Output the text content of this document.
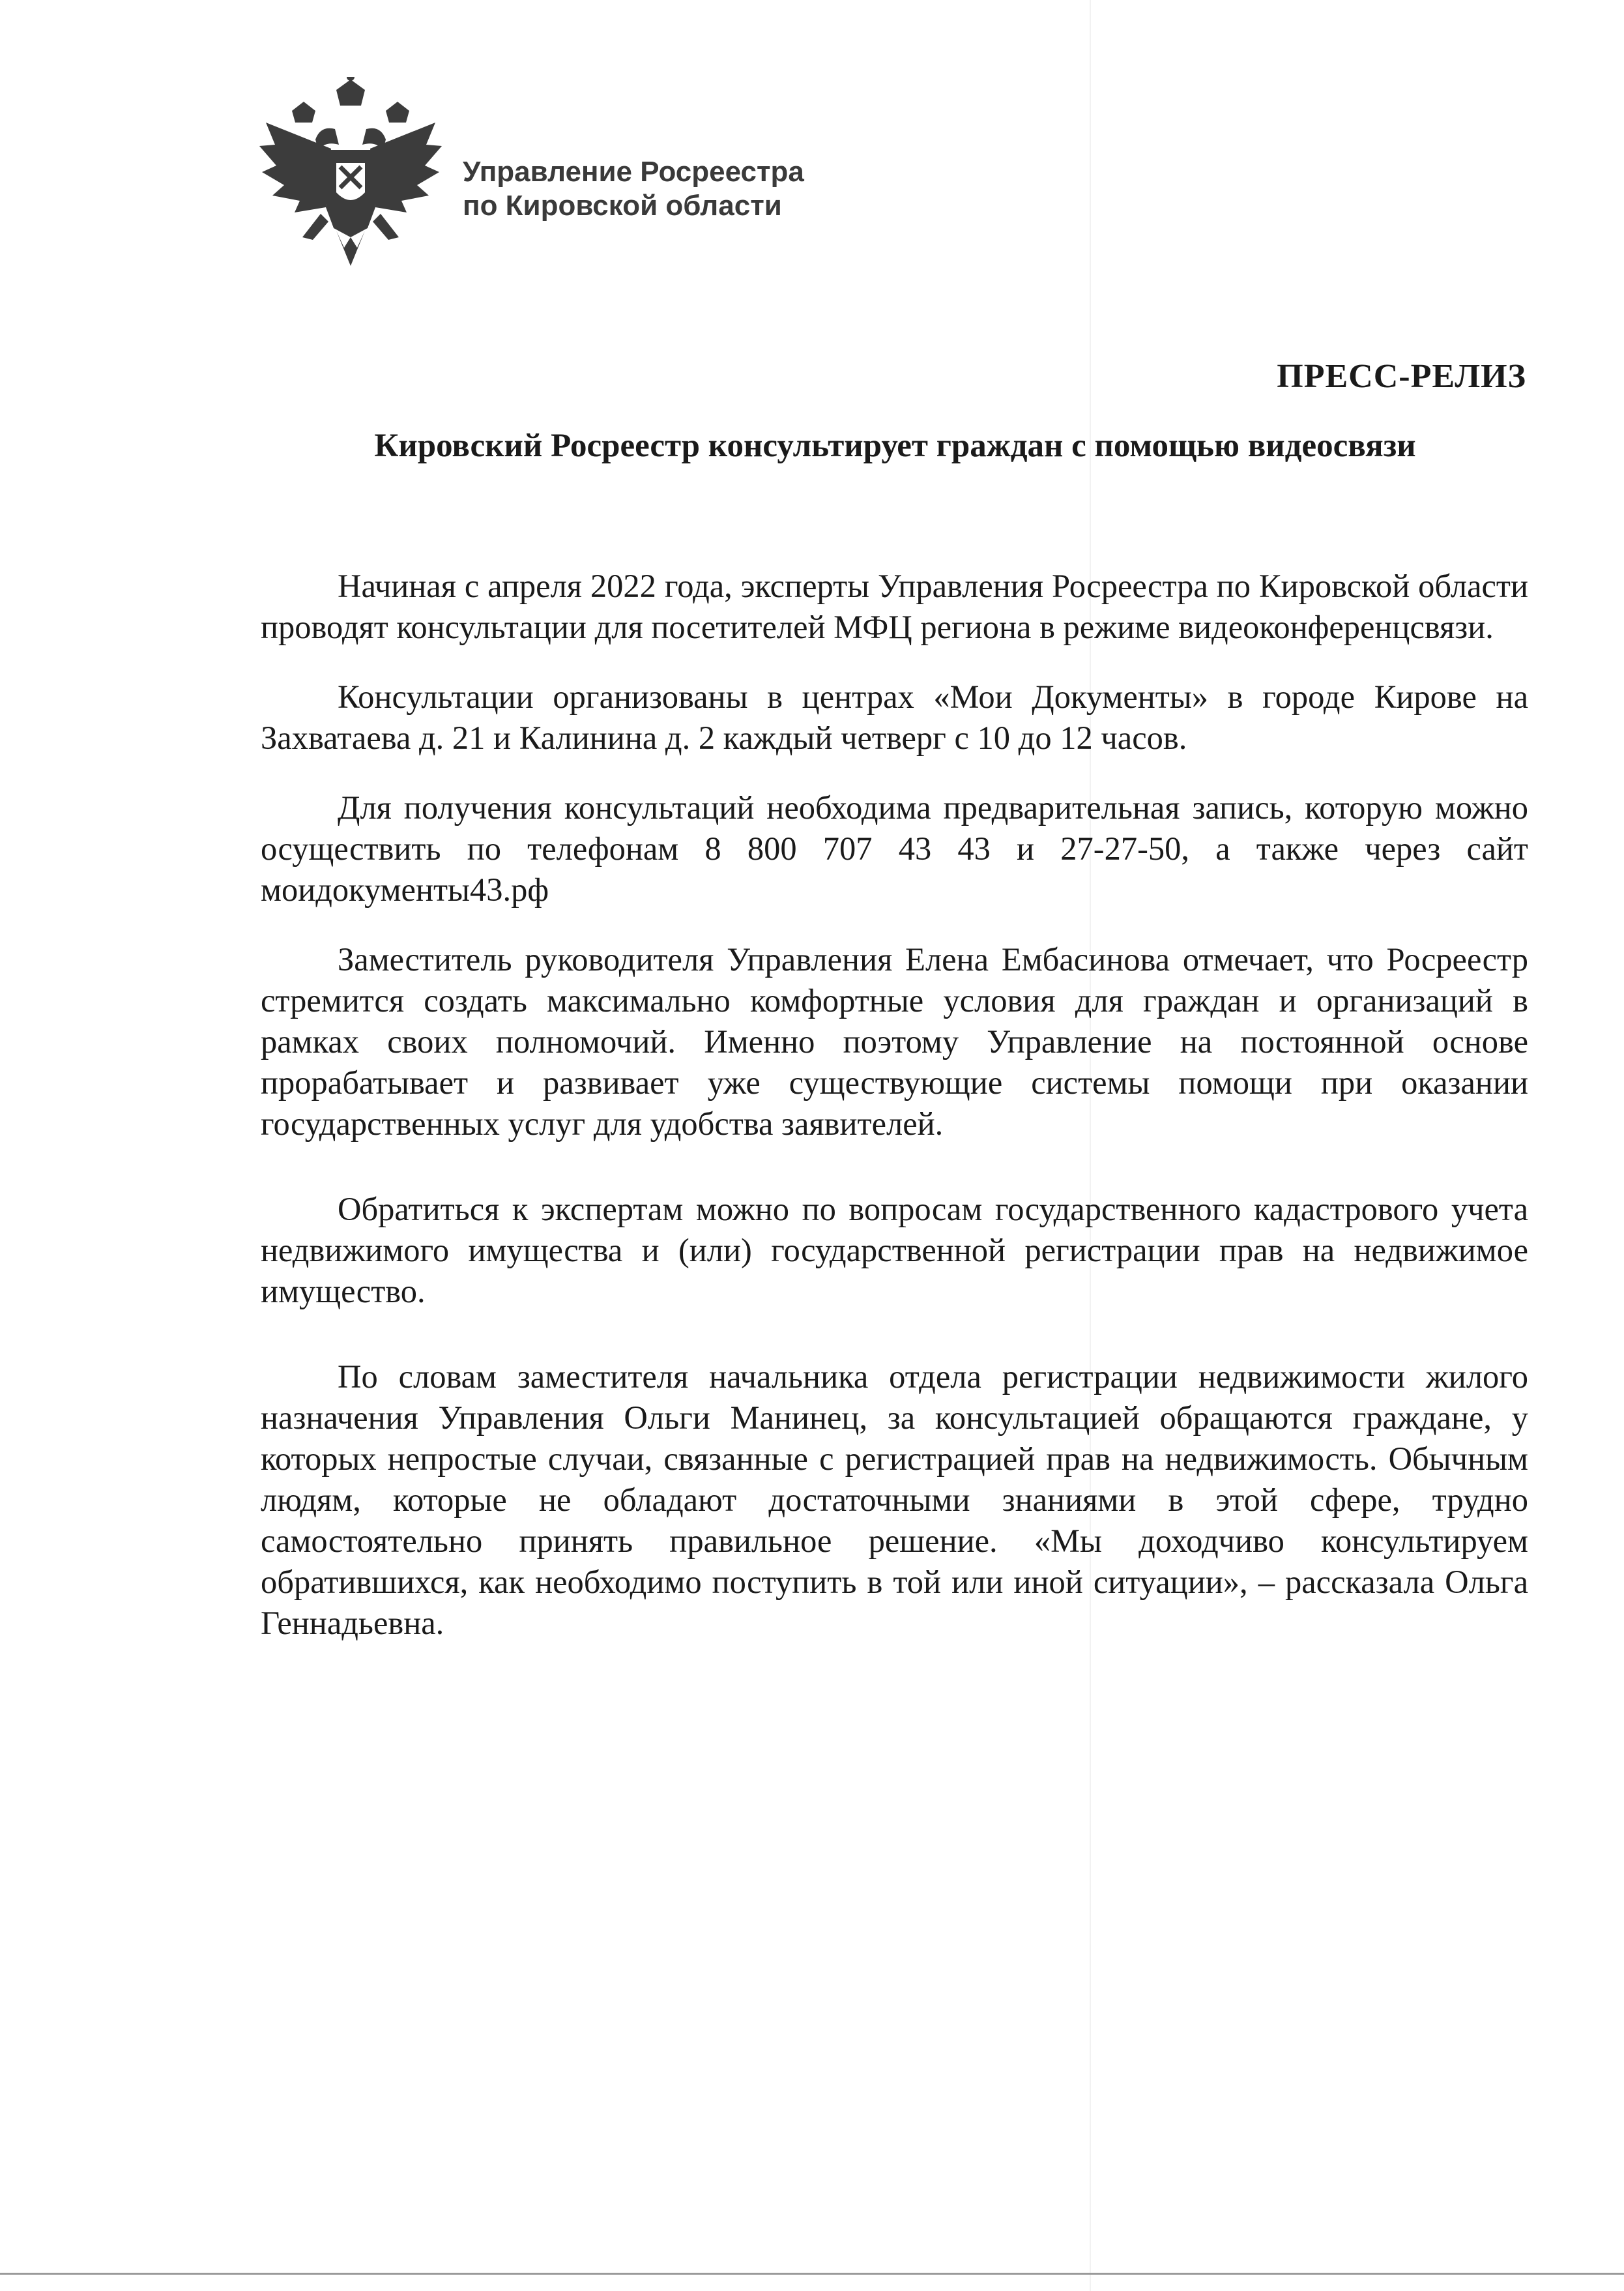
Управление Росреестра
по Кировской области
ПРЕСС-РЕЛИЗ
Кировский Росреестр консультирует граждан с помощью видеосвязи

Начиная с апреля 2022 года, эксперты Управления Росреестра по Кировской области проводят консультации для посетителей МФЦ региона в режиме видеоконференцсвязи.

Консультации организованы в центрах «Мои Документы» в городе Кирове на Захватаева д. 21 и Калинина д. 2 каждый четверг с 10 до 12 часов.

Для получения консультаций необходима предварительная запись, которую можно осуществить по телефонам 8 800 707 43 43 и 27-27-50, а также через сайт моидокументы43.рф

Заместитель руководителя Управления Елена Ембасинова отмечает, что Росреестр стремится создать максимально комфортные условия для граждан и организаций в рамках своих полномочий. Именно поэтому Управление на постоянной основе прорабатывает и развивает уже существующие системы помощи при оказании государственных услуг для удобства заявителей.

Обратиться к экспертам можно по вопросам государственного кадастрового учета недвижимого имущества и (или) государственной регистрации прав на недвижимое имущество.

По словам заместителя начальника отдела регистрации недвижимости жилого назначения Управления Ольги Манинец, за консультацией обращаются граждане, у которых непростые случаи, связанные с регистрацией прав на недвижимость. Обычным людям, которые не обладают достаточными знаниями в этой сфере, трудно самостоятельно принять правильное решение. «Мы доходчиво консультируем обратившихся, как необходимо поступить в той или иной ситуации», – рассказала Ольга Геннадьевна.
